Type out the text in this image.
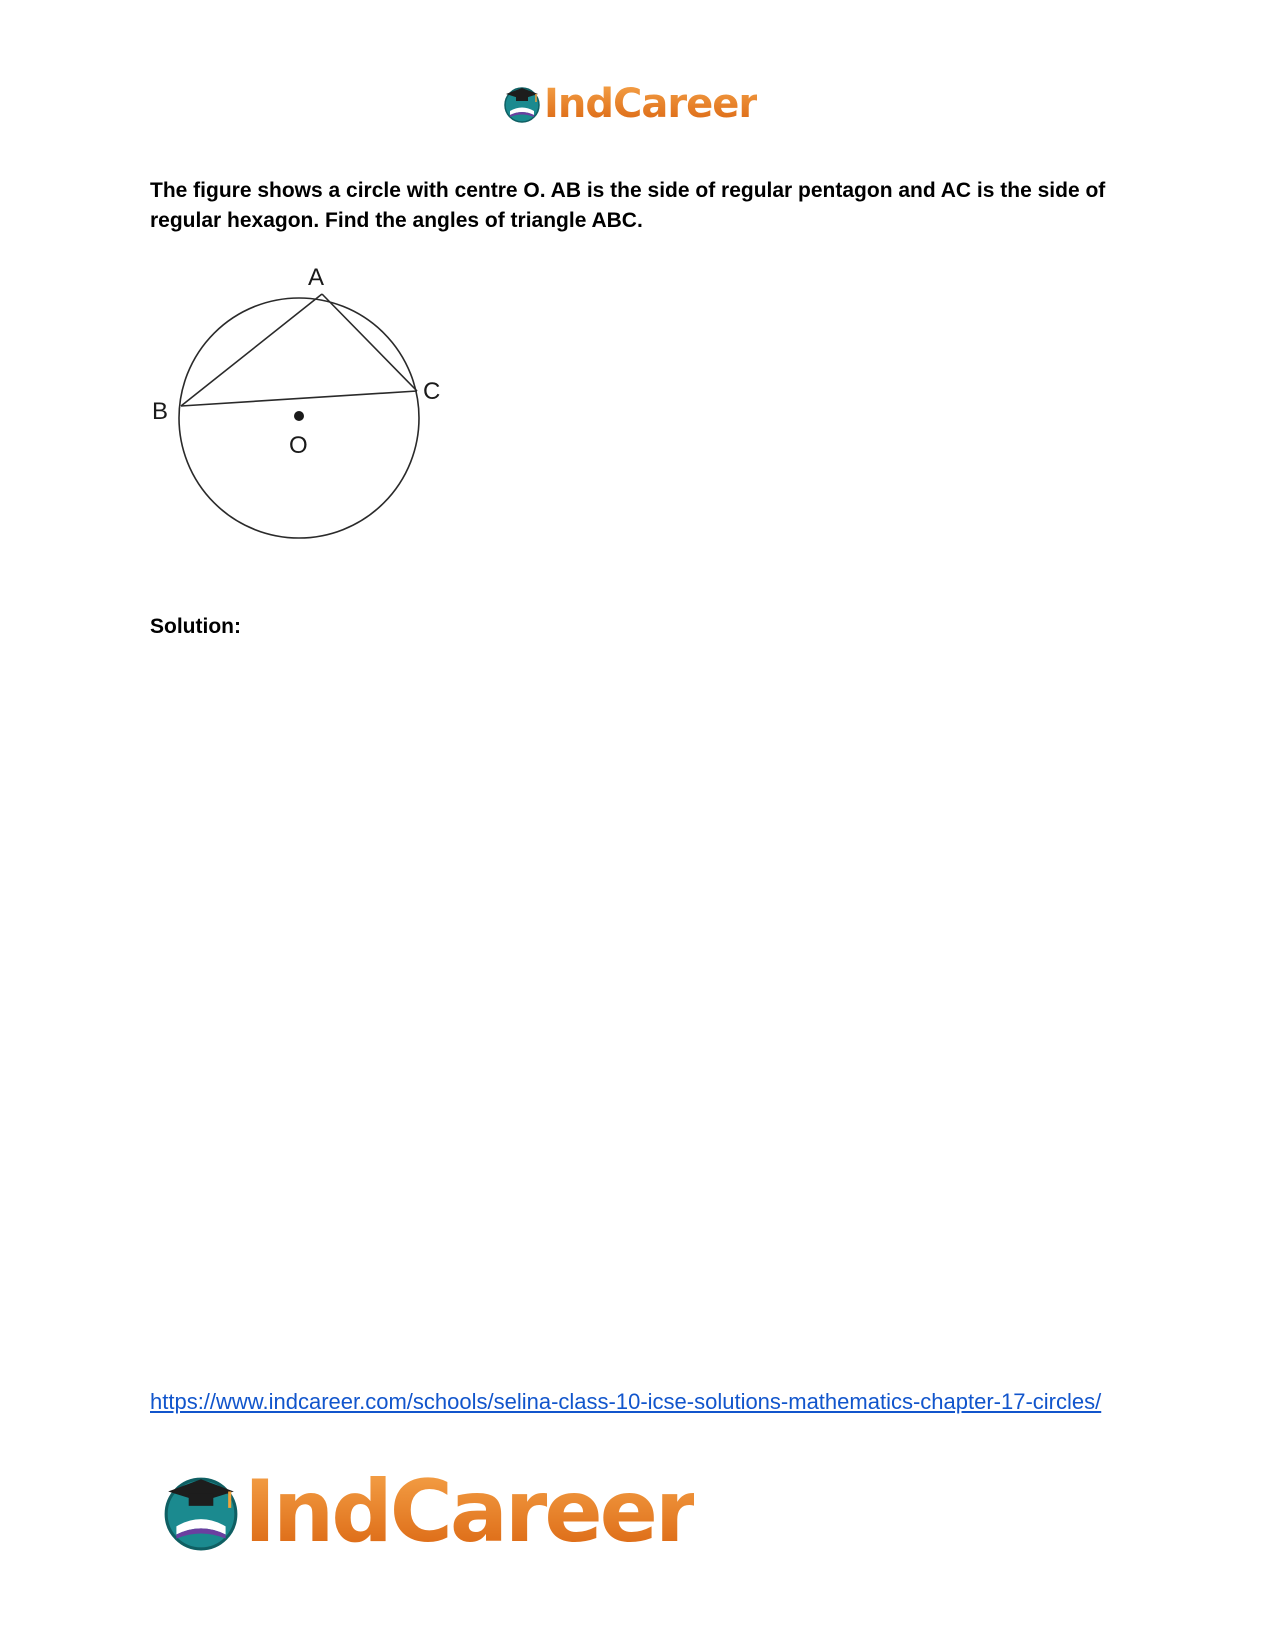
IndCareer

The figure shows a circle with centre O. AB is the side of regular pentagon and AC is the side of regular hexagon. Find the angles of triangle ABC.

A
B
C
O

Solution:

https://www.indcareer.com/schools/selina-class-10-icse-solutions-mathematics-chapter-17-circles/
IndCareer
